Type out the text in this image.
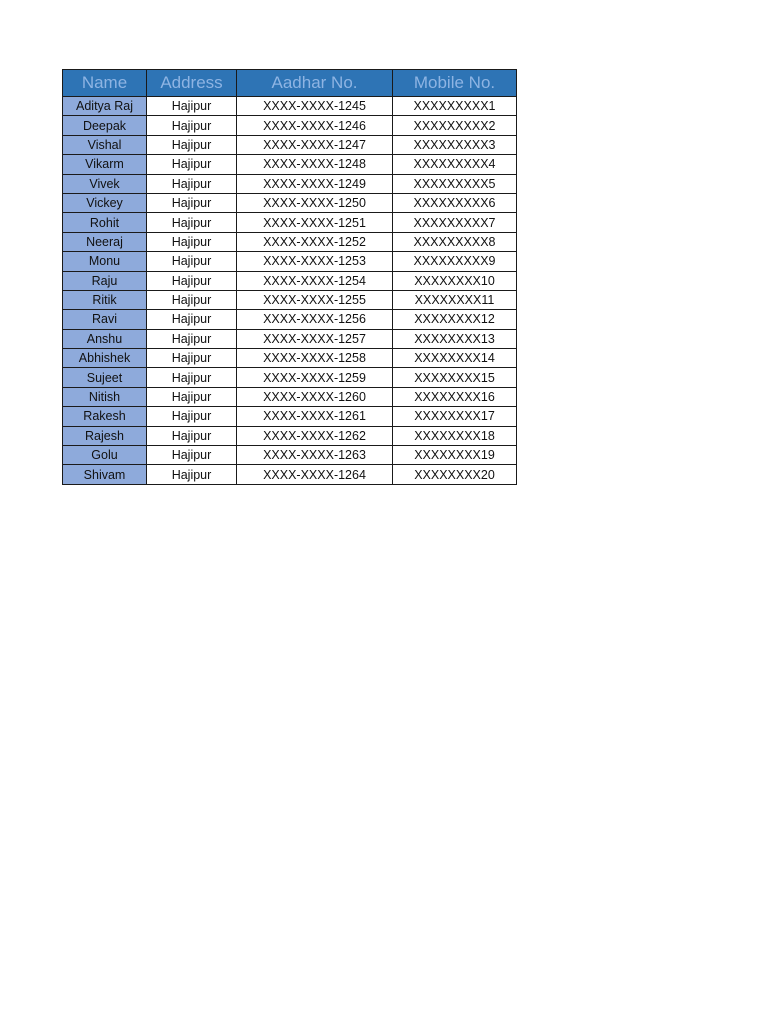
Name	Address	Aadhar No.	Mobile No.
Aditya Raj	Hajipur	XXXX-XXXX-1245	XXXXXXXXX1
Deepak	Hajipur	XXXX-XXXX-1246	XXXXXXXXX2
Vishal	Hajipur	XXXX-XXXX-1247	XXXXXXXXX3
Vikarm	Hajipur	XXXX-XXXX-1248	XXXXXXXXX4
Vivek	Hajipur	XXXX-XXXX-1249	XXXXXXXXX5
Vickey	Hajipur	XXXX-XXXX-1250	XXXXXXXXX6
Rohit	Hajipur	XXXX-XXXX-1251	XXXXXXXXX7
Neeraj	Hajipur	XXXX-XXXX-1252	XXXXXXXXX8
Monu	Hajipur	XXXX-XXXX-1253	XXXXXXXXX9
Raju	Hajipur	XXXX-XXXX-1254	XXXXXXXX10
Ritik	Hajipur	XXXX-XXXX-1255	XXXXXXXX11
Ravi	Hajipur	XXXX-XXXX-1256	XXXXXXXX12
Anshu	Hajipur	XXXX-XXXX-1257	XXXXXXXX13
Abhishek	Hajipur	XXXX-XXXX-1258	XXXXXXXX14
Sujeet	Hajipur	XXXX-XXXX-1259	XXXXXXXX15
Nitish	Hajipur	XXXX-XXXX-1260	XXXXXXXX16
Rakesh	Hajipur	XXXX-XXXX-1261	XXXXXXXX17
Rajesh	Hajipur	XXXX-XXXX-1262	XXXXXXXX18
Golu	Hajipur	XXXX-XXXX-1263	XXXXXXXX19
Shivam	Hajipur	XXXX-XXXX-1264	XXXXXXXX20
